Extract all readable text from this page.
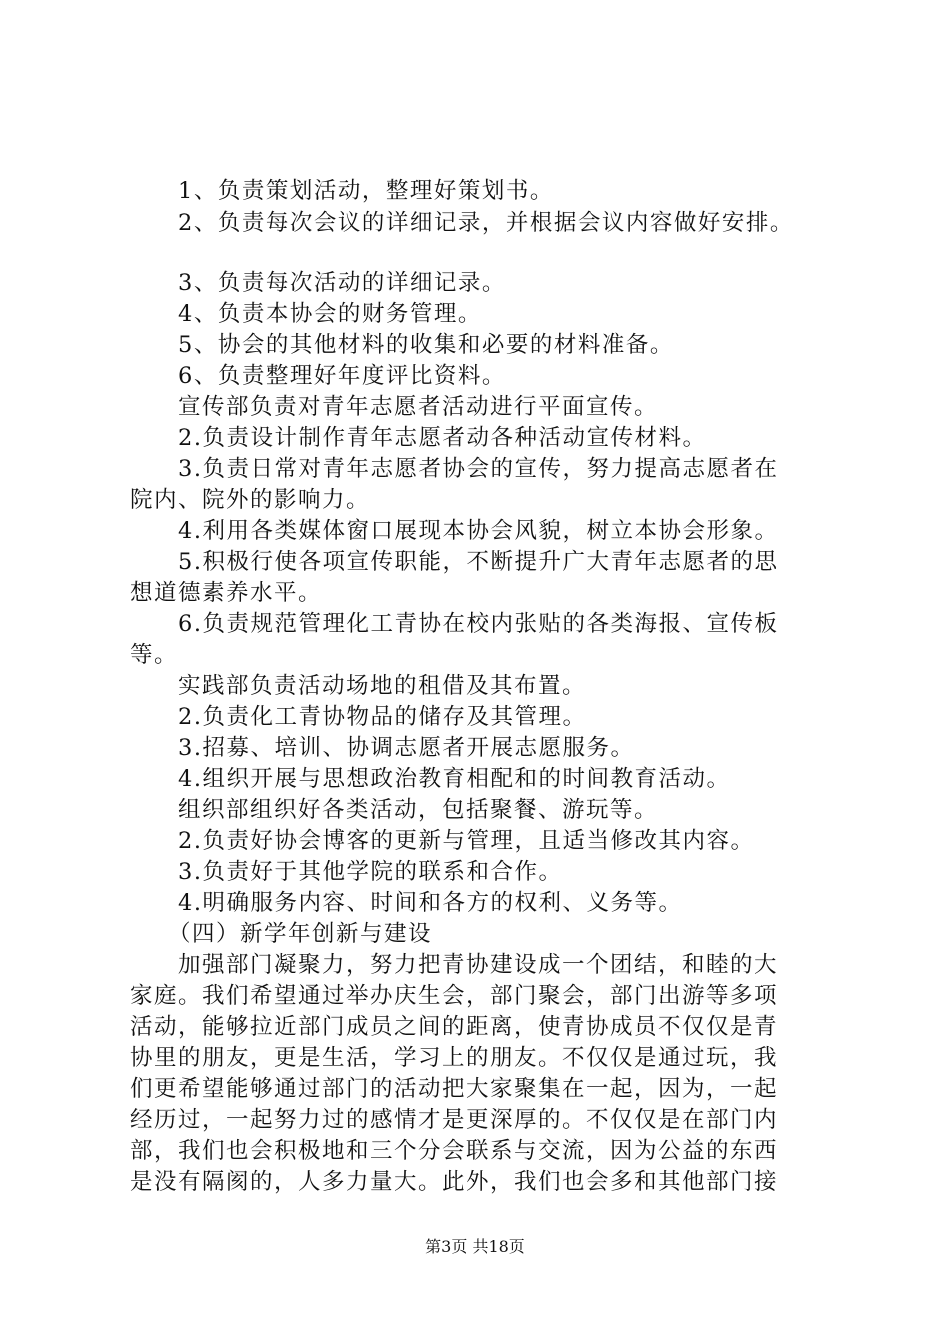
1、负责策划活动，整理好策划书。
2、负责每次会议的详细记录，并根据会议内容做好安排。
3、负责每次活动的详细记录。
4、负责本协会的财务管理。
5、协会的其他材料的收集和必要的材料准备。
6、负责整理好年度评比资料。
宣传部负责对青年志愿者活动进行平面宣传。
2.负责设计制作青年志愿者动各种活动宣传材料。
3.负责日常对青年志愿者协会的宣传，努力提高志愿者在
院内、院外的影响力。
4.利用各类媒体窗口展现本协会风貌，树立本协会形象。
5.积极行使各项宣传职能，不断提升广大青年志愿者的思
想道德素养水平。
6.负责规范管理化工青协在校内张贴的各类海报、宣传板
等。
实践部负责活动场地的租借及其布置。
2.负责化工青协物品的储存及其管理。
3.招募、培训、协调志愿者开展志愿服务。
4.组织开展与思想政治教育相配和的时间教育活动。
组织部组织好各类活动，包括聚餐、游玩等。
2.负责好协会博客的更新与管理，且适当修改其内容。
3.负责好于其他学院的联系和合作。
4.明确服务内容、时间和各方的权利、义务等。
（四）新学年创新与建设
加强部门凝聚力，努力把青协建设成一个团结，和睦的大
家庭。我们希望通过举办庆生会，部门聚会，部门出游等多项
活动，能够拉近部门成员之间的距离，使青协成员不仅仅是青
协里的朋友，更是生活，学习上的朋友。不仅仅是通过玩，我
们更希望能够通过部门的活动把大家聚集在一起，因为，一起
经历过，一起努力过的感情才是更深厚的。不仅仅是在部门内
部，我们也会积极地和三个分会联系与交流，因为公益的东西
是没有隔阂的，人多力量大。此外，我们也会多和其他部门接
第3页 共18页
